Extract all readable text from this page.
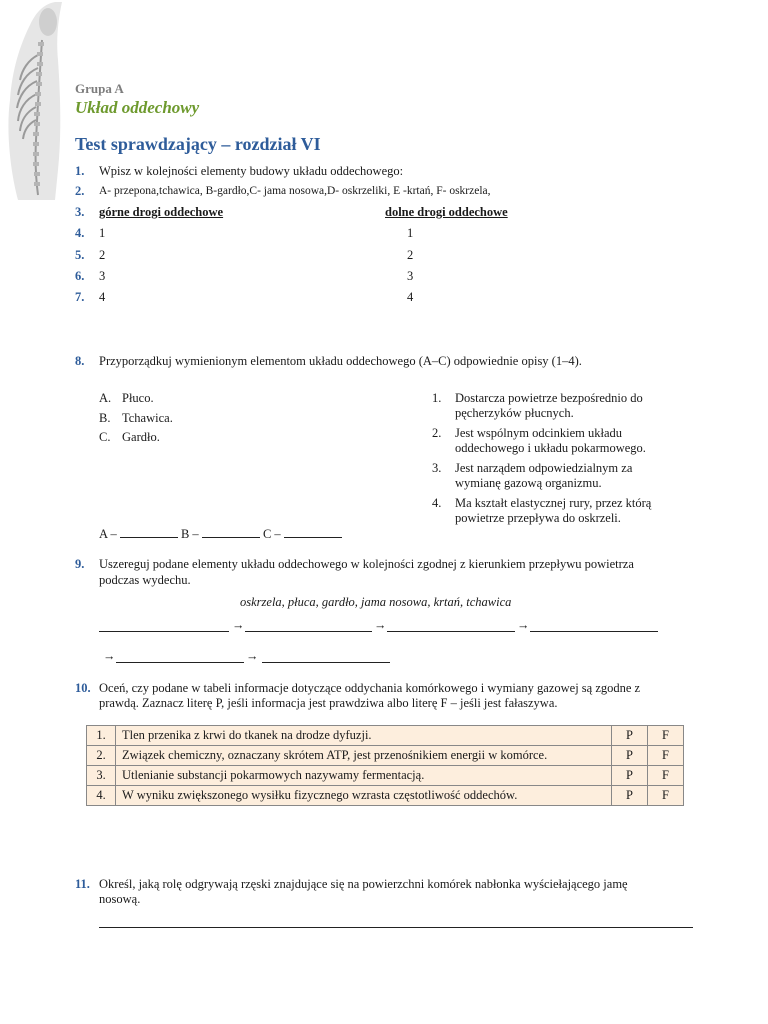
Grupa A
Układ oddechowy
Test sprawdzający – rozdział VI
1. Wpisz w kolejności elementy budowy układu oddechowego:
2. A- przepona,tchawica, B-gardło,C- jama nosowa,D- oskrzeliki, E -krtań, F- oskrzela,
3. górne drogi oddechowe	dolne drogi oddechowe
4. 1	1
5. 2	2
6. 3	3
7. 4	4
8. Przyporządkuj wymienionym elementom układu oddechowego (A–C) odpowiednie opisy (1–4).
A. Płuco.
B. Tchawica.
C. Gardło.
1. Dostarcza powietrze bezpośrednio do
pęcherzyków płucnych.
2. Jest wspólnym odcinkiem układu
oddechowego i układu pokarmowego.
3. Jest narządem odpowiedzialnym za
wymianę gazową organizmu.
4. Ma kształt elastycznej rury, przez którą
powietrze przepływa do oskrzeli.
A –	B –	C –
9. Uszereguj podane elementy układu oddechowego w kolejności zgodnej z kierunkiem przepływu powietrza
podczas wydechu.
oskrzela, płuca, gardło, jama nosowa, krtań, tchawica
→	→	→
→	→
10. Oceń, czy podane w tabeli informacje dotyczące oddychania komórkowego i wymiany gazowej są zgodne z
prawdą. Zaznacz literę P, jeśli informacja jest prawdziwa albo literę F – jeśli jest fałaszywa.
1.	Tlen przenika z krwi do tkanek na drodze dyfuzji.	P	F
2.	Związek chemiczny, oznaczany skrótem ATP, jest przenośnikiem energii w komórce.	P	F
3.	Utlenianie substancji pokarmowych nazywamy fermentacją.	P	F
4.	W wyniku zwiększonego wysiłku fizycznego wzrasta częstotliwość oddechów.	P	F
11. Określ, jaką rolę odgrywają rzęski znajdujące się na powierzchni komórek nabłonka wyściełającego jamę
nosową.
